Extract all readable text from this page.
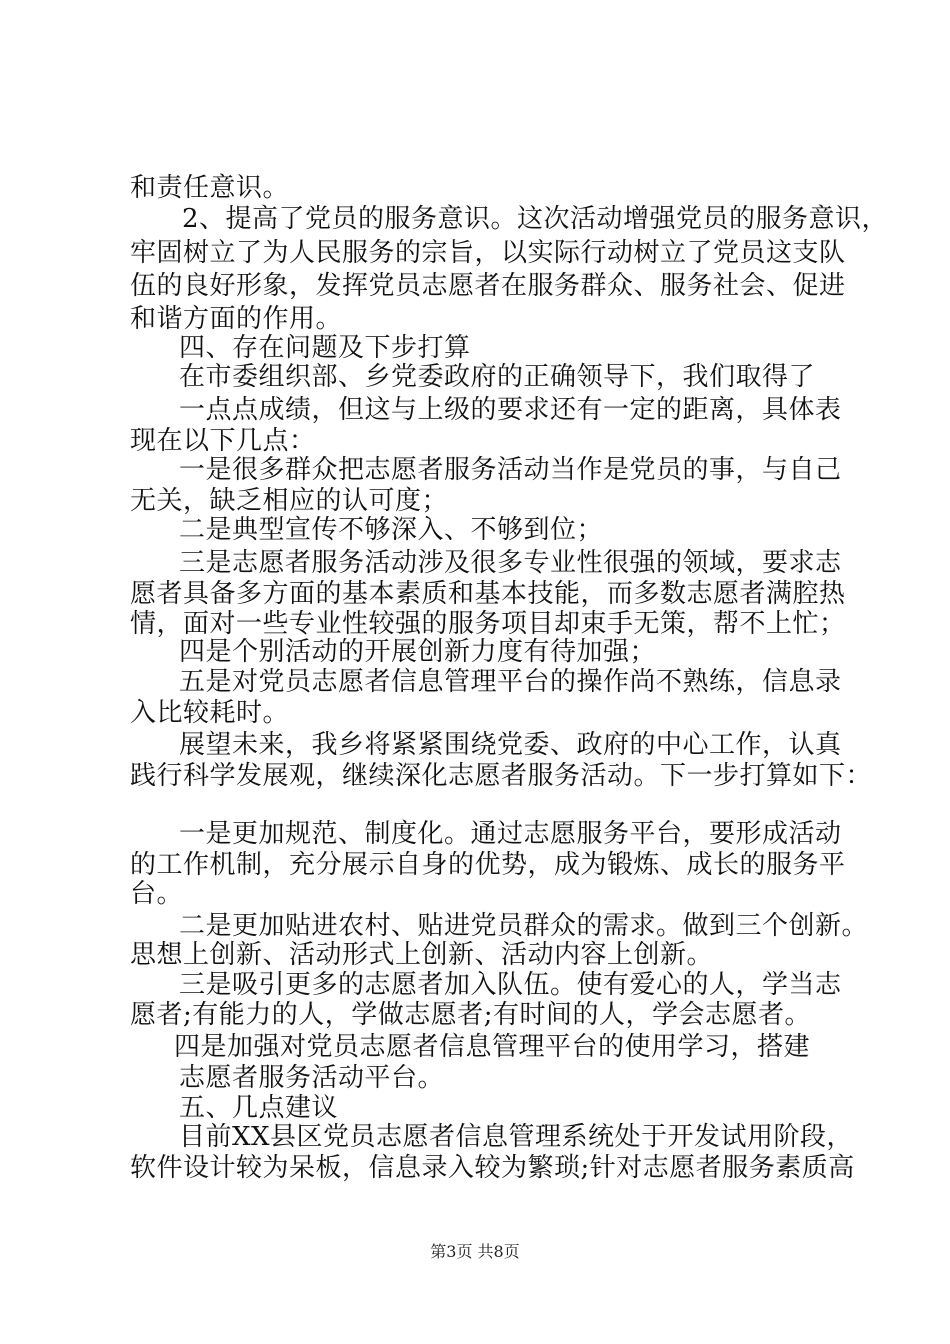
和责任意识。
2、提高了党员的服务意识。这次活动增强党员的服务意识，
牢固树立了为人民服务的宗旨，以实际行动树立了党员这支队
伍的良好形象，发挥党员志愿者在服务群众、服务社会、促进
和谐方面的作用。
四、存在问题及下步打算
在市委组织部、乡党委政府的正确领导下，我们取得了
一点点成绩，但这与上级的要求还有一定的距离，具体表
现在以下几点：
一是很多群众把志愿者服务活动当作是党员的事，与自己
无关，缺乏相应的认可度；
二是典型宣传不够深入、不够到位；
三是志愿者服务活动涉及很多专业性很强的领域，要求志
愿者具备多方面的基本素质和基本技能，而多数志愿者满腔热
情，面对一些专业性较强的服务项目却束手无策，帮不上忙；
四是个别活动的开展创新力度有待加强；
五是对党员志愿者信息管理平台的操作尚不熟练，信息录
入比较耗时。
展望未来，我乡将紧紧围绕党委、政府的中心工作，认真
践行科学发展观，继续深化志愿者服务活动。下一步打算如下：
一是更加规范、制度化。通过志愿服务平台，要形成活动
的工作机制，充分展示自身的优势，成为锻炼、成长的服务平
台。
二是更加贴进农村、贴进党员群众的需求。做到三个创新。
思想上创新、活动形式上创新、活动内容上创新。
三是吸引更多的志愿者加入队伍。使有爱心的人，学当志
愿者;有能力的人，学做志愿者;有时间的人，学会志愿者。
四是加强对党员志愿者信息管理平台的使用学习，搭建
志愿者服务活动平台。
五、几点建议
目前XX县区党员志愿者信息管理系统处于开发试用阶段，
软件设计较为呆板，信息录入较为繁琐;针对志愿者服务素质高
第3页 共8页
